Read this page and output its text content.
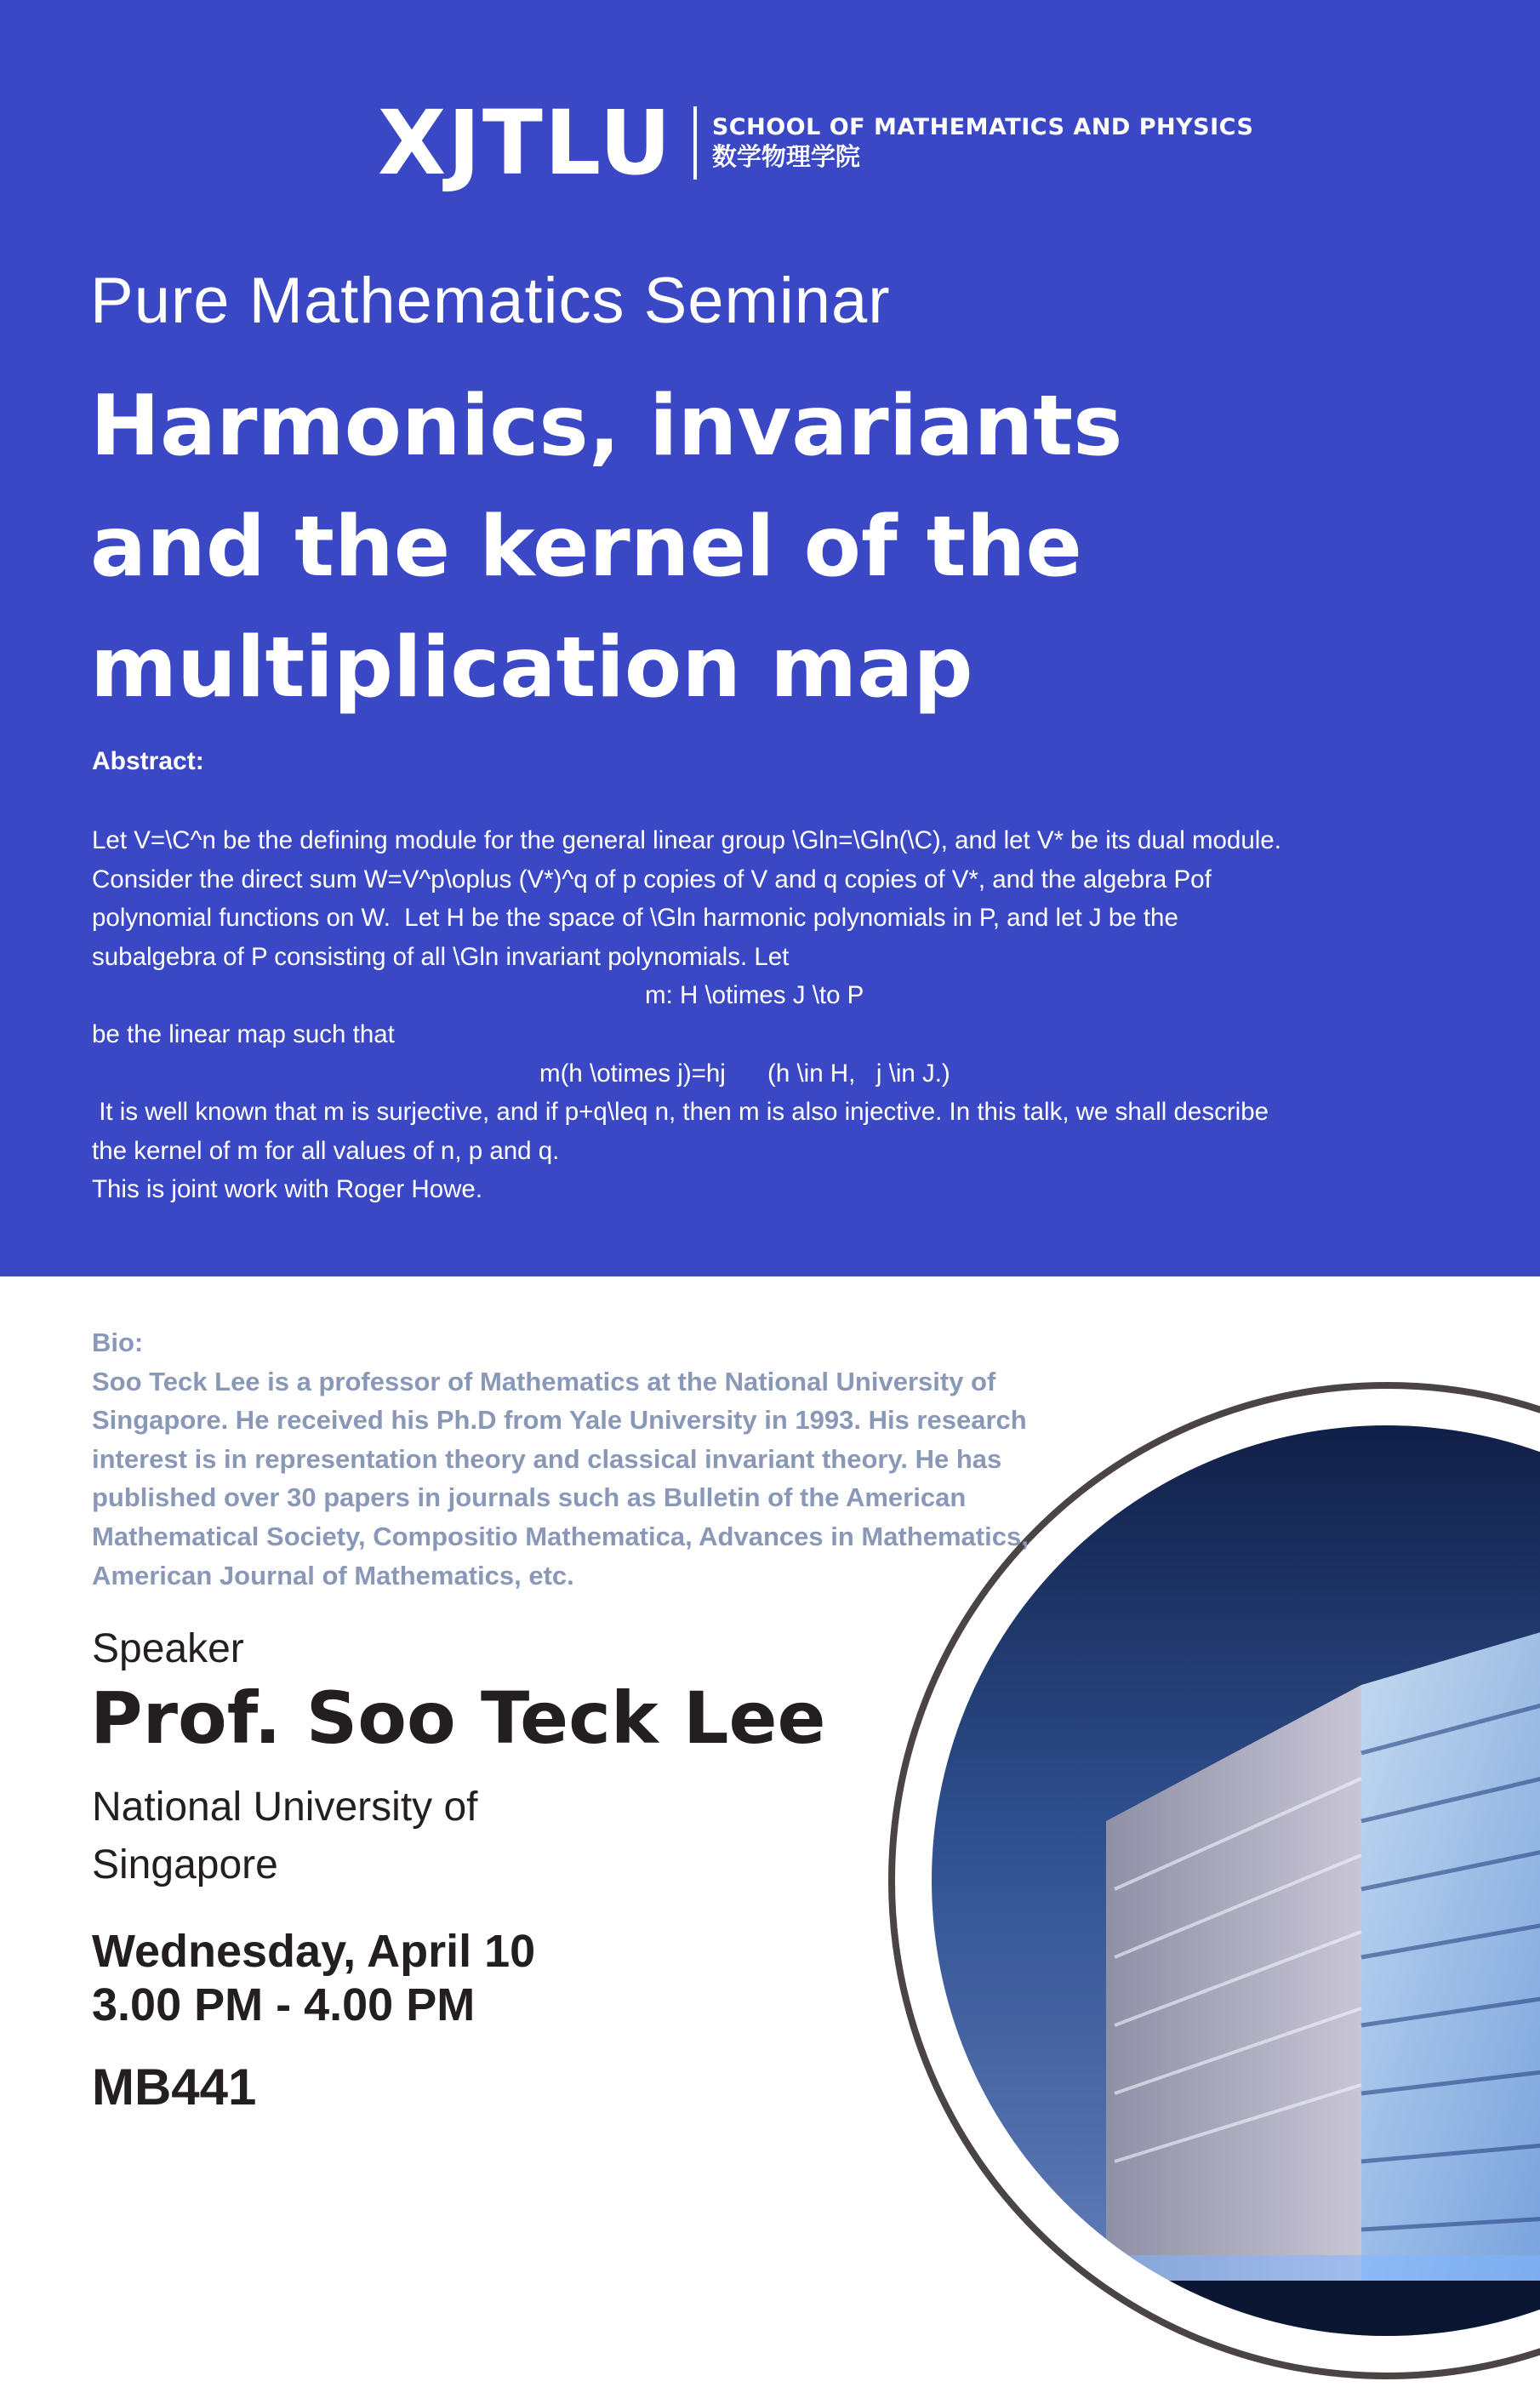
XJTLU SCHOOL OF MATHEMATICS AND PHYSICS
数学物理学院
Pure Mathematics Seminar
Harmonics, invariants and the kernel of the multiplication map
Abstract:
Let V=\C^n be the defining module for the general linear group \Gln=\Gln(\C), and let V* be its dual module.
Consider the direct sum W=V^p\oplus (V*)^q of p copies of V and q copies of V*, and the algebra Pof
polynomial functions on W.  Let H be the space of \Gln harmonic polynomials in P, and let J be the
subalgebra of P consisting of all \Gln invariant polynomials. Let
m: H \otimes J \to P
be the linear map such that
m(h \otimes j)=hj      (h \in H,   j \in J.)
It is well known that m is surjective, and if p+q\leq n, then m is also injective. In this talk, we shall describe
the kernel of m for all values of n, p and q.
This is joint work with Roger Howe.
Bio:
Soo Teck Lee is a professor of Mathematics at the National University of Singapore. He received his Ph.D from Yale University in 1993. His research interest is in representation theory and classical invariant theory. He has published over 30 papers in journals such as Bulletin of the American Mathematical Society, Compositio Mathematica, Advances in Mathematics, American Journal of Mathematics, etc.
Speaker
Prof. Soo Teck Lee
National University of Singapore
Wednesday, April 10
3.00 PM - 4.00 PM
MB441
